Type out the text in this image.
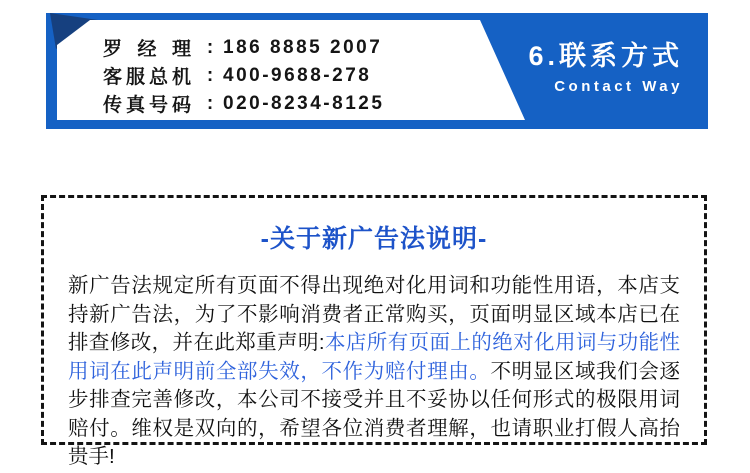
罗经理 : 186 8885 2007
客服总机 : 400-9688-278
传真号码 : 020-8234-8125
6.联系方式
Contact Way
-关于新广告法说明-
新广告法规定所有页面不得出现绝对化用词和功能性用语，本店支持新广告法，为了不影响消费者正常购买，页面明显区域本店已在排查修改，并在此郑重声明:本店所有页面上的绝对化用词与功能性用词在此声明前全部失效，不作为赔付理由。不明显区域我们会逐步排查完善修改，本公司不接受并且不妥协以任何形式的极限用词赔付。维权是双向的，希望各位消费者理解，也请职业打假人高抬贵手!
